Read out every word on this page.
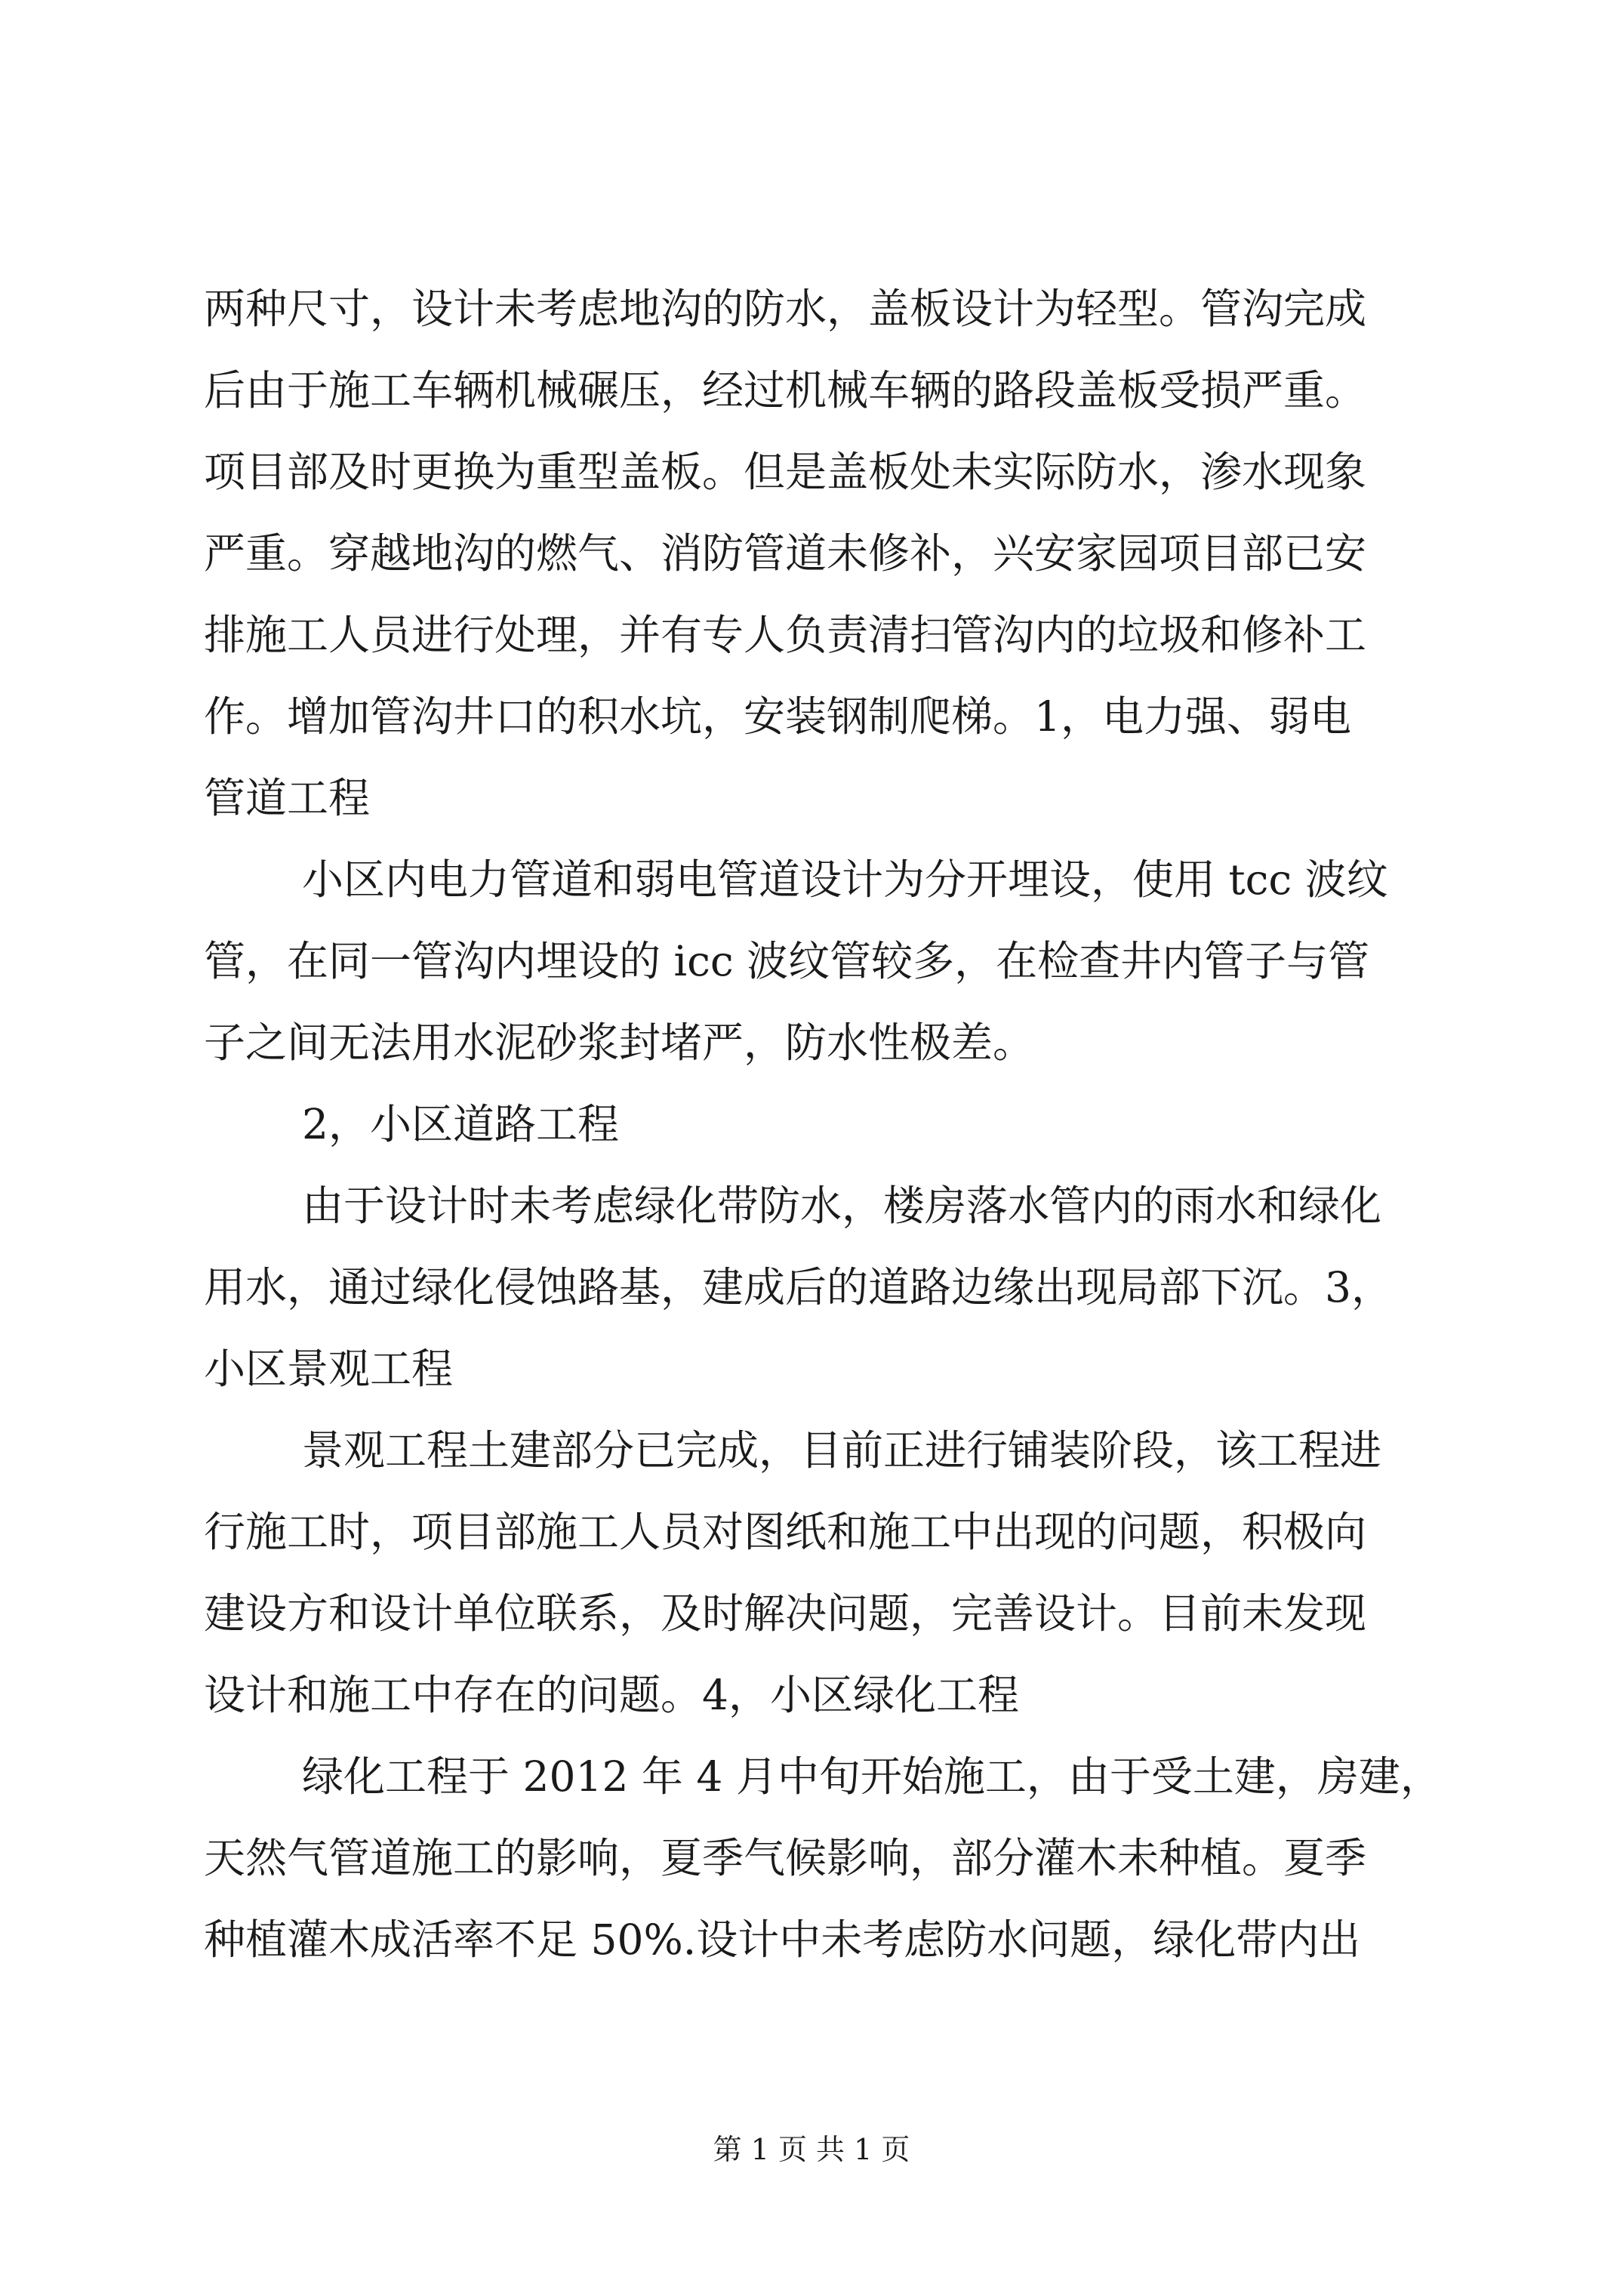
两种尺寸，设计未考虑地沟的防水，盖板设计为轻型。管沟完成
后由于施工车辆机械碾压，经过机械车辆的路段盖板受损严重。
项目部及时更换为重型盖板。但是盖板处未实际防水，渗水现象
严重。穿越地沟的燃气、消防管道未修补，兴安家园项目部已安
排施工人员进行处理，并有专人负责清扫管沟内的垃圾和修补工
作。增加管沟井口的积水坑，安装钢制爬梯。1，电力强、弱电
管道工程
小区内电力管道和弱电管道设计为分开埋设，使用 tcc 波纹
管，在同一管沟内埋设的 icc 波纹管较多，在检查井内管子与管
子之间无法用水泥砂浆封堵严，防水性极差。
2，小区道路工程
由于设计时未考虑绿化带防水，楼房落水管内的雨水和绿化
用水，通过绿化侵蚀路基，建成后的道路边缘出现局部下沉。3，
小区景观工程
景观工程土建部分已完成，目前正进行铺装阶段，该工程进
行施工时，项目部施工人员对图纸和施工中出现的问题，积极向
建设方和设计单位联系，及时解决问题，完善设计。目前未发现
设计和施工中存在的问题。4，小区绿化工程
绿化工程于 2012 年 4 月中旬开始施工，由于受土建，房建，
天然气管道施工的影响，夏季气候影响，部分灌木未种植。夏季
种植灌木成活率不足 50%.设计中未考虑防水问题，绿化带内出
第 1 页 共 1 页
